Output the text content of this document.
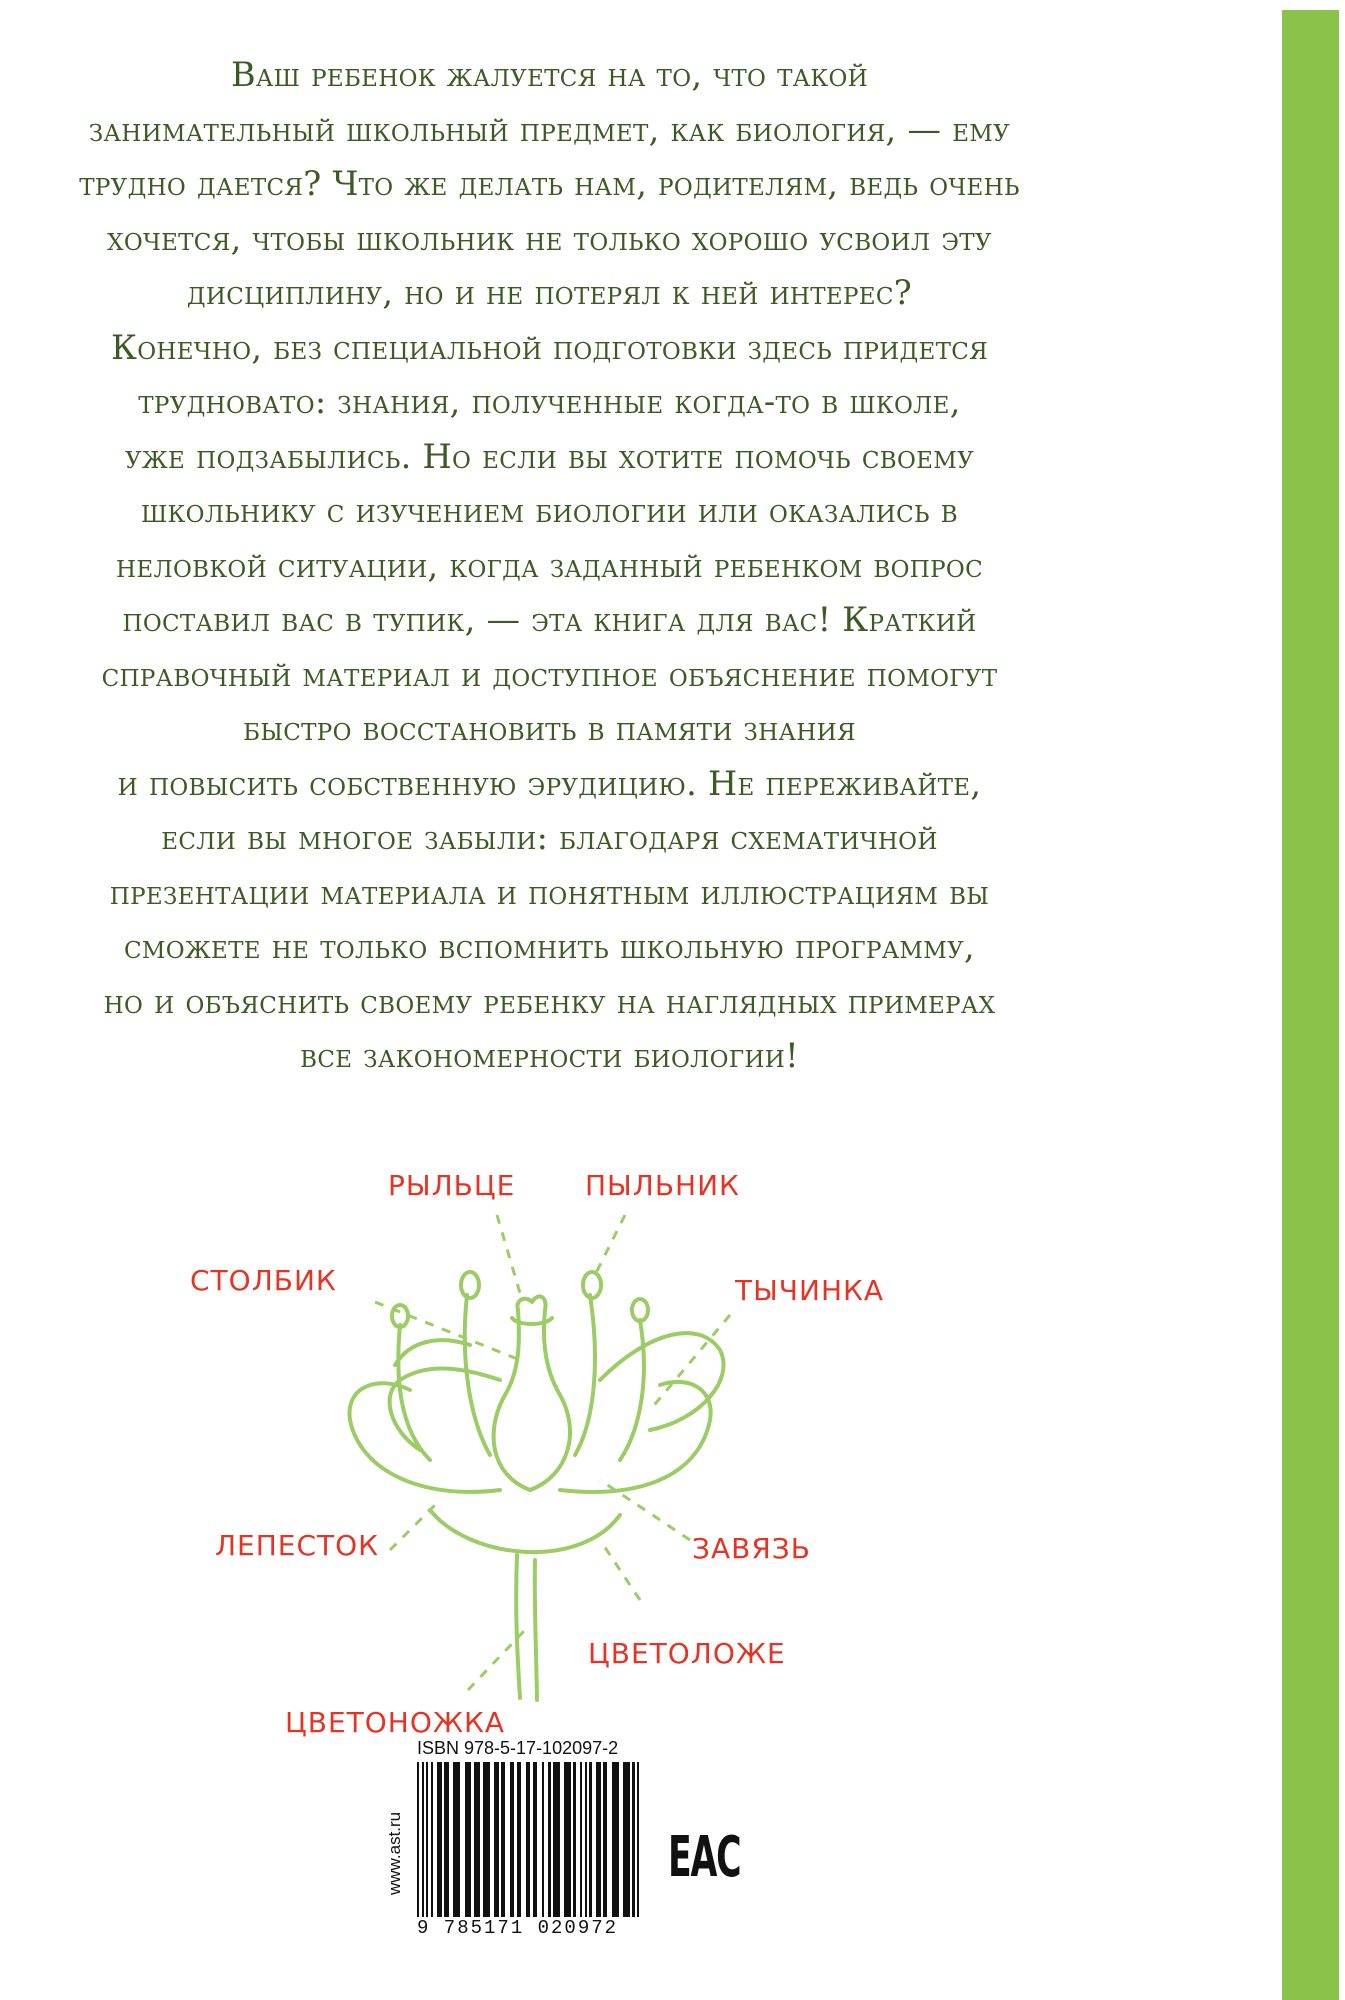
Ваш ребенок жалуется на то, что такой
занимательный школьный предмет, как биология, — ему
трудно дается? Что же делать нам, родителям, ведь очень
хочется, чтобы школьник не только хорошо усвоил эту
дисциплину, но и не потерял к ней интерес?
Конечно, без специальной подготовки здесь придется
трудновато: знания, полученные когда-то в школе,
уже подзабылись. Но если вы хотите помочь своему
школьнику с изучением биологии или оказались в
неловкой ситуации, когда заданный ребенком вопрос
поставил вас в тупик, — эта книга для вас! Краткий
справочный материал и доступное объяснение помогут
быстро восстановить в памяти знания
и повысить собственную эрудицию. Не переживайте,
если вы многое забыли: благодаря схематичной
презентации материала и понятным иллюстрациям вы
сможете не только вспомнить школьную программу,
но и объяснить своему ребенку на наглядных примерах
все закономерности биологии!
РЫЛЬЦЕ ПЫЛЬНИК
СТОЛБИК	ТЫЧИНКА
ЛЕПЕСТОК	ЗАВЯЗЬ
ЦВЕТОЛОЖЕ
ЦВЕТОНОЖКА
www.ast.ru
ISBN 978-5-17-102097-2
9 785171 020972
ЕАС
